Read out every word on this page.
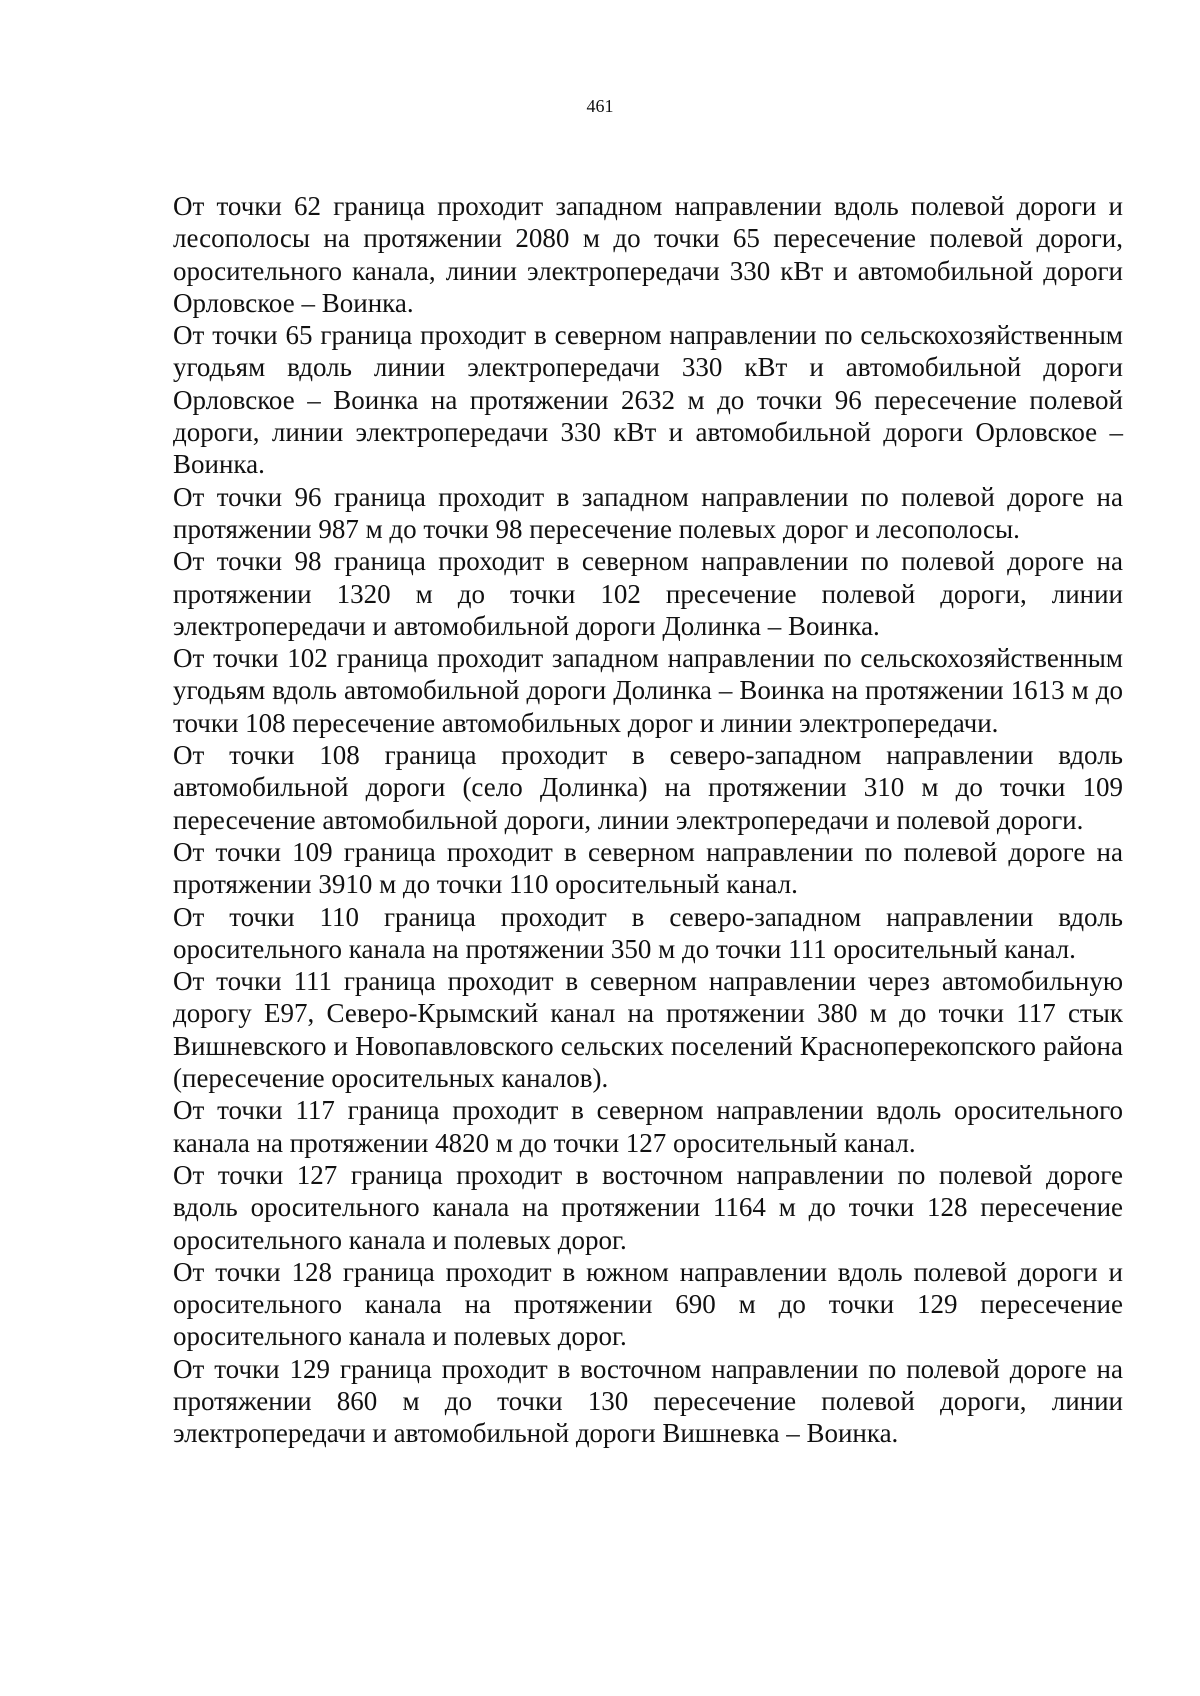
461

От точки 62 граница проходит западном направлении вдоль полевой дороги и лесополосы на протяжении 2080 м до точки 65 пересечение полевой дороги, оросительного канала, линии электропередачи 330 кВт и автомобильной дороги Орловское – Воинка.

От точки 65 граница проходит в северном направлении по сельскохозяйственным угодьям вдоль линии электропередачи 330 кВт и автомобильной дороги Орловское – Воинка на протяжении 2632 м до точки 96 пересечение полевой дороги, линии электропередачи 330 кВт и автомобильной дороги Орловское – Воинка.

От точки 96 граница проходит в западном направлении по полевой дороге на протяжении 987 м до точки 98 пересечение полевых дорог и лесополосы.

От точки 98 граница проходит в северном направлении по полевой дороге на протяжении 1320 м до точки 102 пресечение полевой дороги, линии электропередачи и автомобильной дороги Долинка – Воинка.

От точки 102 граница проходит западном направлении по сельскохозяйственным угодьям вдоль автомобильной дороги Долинка – Воинка на протяжении 1613 м до точки 108 пересечение автомобильных дорог и линии электропередачи.

От точки 108 граница проходит в северо-западном направлении вдоль автомобильной дороги (село Долинка) на протяжении 310 м до точки 109 пересечение автомобильной дороги, линии электропередачи и полевой дороги.

От точки 109 граница проходит в северном направлении по полевой дороге на протяжении 3910 м до точки 110 оросительный канал.

От точки 110 граница проходит в северо-западном направлении вдоль оросительного канала на протяжении 350 м до точки 111 оросительный канал.

От точки 111 граница проходит в северном направлении через автомобильную дорогу Е97, Северо-Крымский канал на протяжении 380 м до точки 117 стык Вишневского и Новопавловского сельских поселений Красноперекопского района (пересечение оросительных каналов).

От точки 117 граница проходит в северном направлении вдоль оросительного канала на протяжении 4820 м до точки 127 оросительный канал.

От точки 127 граница проходит в восточном направлении по полевой дороге вдоль оросительного канала на протяжении 1164 м до точки 128 пересечение оросительного канала и полевых дорог.

От точки 128 граница проходит в южном направлении вдоль полевой дороги и оросительного канала на протяжении 690 м до точки 129 пересечение оросительного канала и полевых дорог.

От точки 129 граница проходит в восточном направлении по полевой дороге на протяжении 860 м до точки 130 пересечение полевой дороги, линии электропередачи и автомобильной дороги Вишневка – Воинка.
